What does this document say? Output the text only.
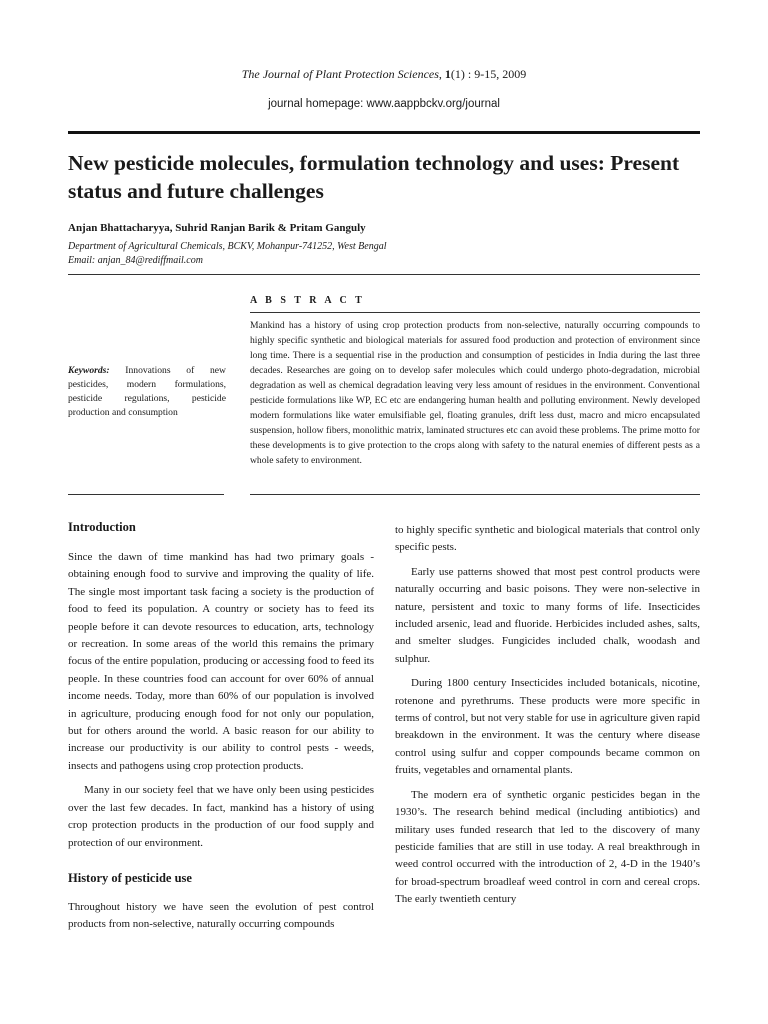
The Journal of Plant Protection Sciences, 1(1) : 9-15, 2009
journal homepage: www.aappbckv.org/journal
New pesticide molecules, formulation technology and uses: Present status and future challenges
Anjan Bhattacharyya, Suhrid Ranjan Barik & Pritam Ganguly
Department of Agricultural Chemicals, BCKV, Mohanpur-741252, West Bengal
Email: anjan_84@rediffmail.com
A B S T R A C T

Mankind has a history of using crop protection products from non-selective, naturally occurring compounds to highly specific synthetic and biological materials for assured food production and protection of environment since long time. There is a sequential rise in the production and consumption of pesticides in India during the last three decades. Researches are going on to develop safer molecules which could undergo photo-degradation, microbial degradation as well as chemical degradation leaving very less amount of residues in the environment. Conventional pesticide formulations like WP, EC etc are endangering human health and polluting environment. Newly developed modern formulations like water emulsifiable gel, floating granules, drift less dust, macro and micro encapsulated suspension, hollow fibers, monolithic matrix, laminated structures etc can avoid these problems. The prime motto for these developments is to give protection to the crops along with safety to the natural enemies of different pests as a whole safety to environment.

Keywords: Innovations of new pesticides, modern formulations, pesticide regulations, pesticide production and consumption

Introduction

Since the dawn of time mankind has had two primary goals - obtaining enough food to survive and improving the quality of life. The single most important task facing a society is the production of food to feed its population. A country or society has to feed its people before it can devote resources to education, arts, technology or recreation. In some areas of the world this remains the primary focus of the entire population, producing or accessing food to feed its people. In these countries food can account for over 60% of annual income needs. Today, more than 60% of our population is involved in agriculture, producing enough food for not only our population, but for others around the world. A basic reason for our ability to increase our productivity is our ability to control pests - weeds, insects and pathogens using crop protection products.

Many in our society feel that we have only been using pesticides over the last few decades. In fact, mankind has a history of using crop protection products in the production of our food supply and protection of our environment.

History of pesticide use

Throughout history we have seen the evolution of pest control products from non-selective, naturally occurring compounds

to highly specific synthetic and biological materials that control only specific pests.

Early use patterns showed that most pest control products were naturally occurring and basic poisons. They were non-selective in nature, persistent and toxic to many forms of life. Insecticides included arsenic, lead and fluoride. Herbicides included ashes, salts, and smelter sludges. Fungicides included chalk, woodash and sulphur.

During 1800 century Insecticides included botanicals, nicotine, rotenone and pyrethrums. These products were more specific in terms of control, but not very stable for use in agriculture given rapid breakdown in the environment. It was the century where disease control using sulfur and copper compounds became common on fruits, vegetables and ornamental plants.

The modern era of synthetic organic pesticides began in the 1930’s. The research behind medical (including antibiotics) and military uses funded research that led to the discovery of many pesticide families that are still in use today. A real breakthrough in weed control occurred with the introduction of 2, 4-D in the 1940’s for broad-spectrum broadleaf weed control in corn and cereal crops. The early twentieth century
